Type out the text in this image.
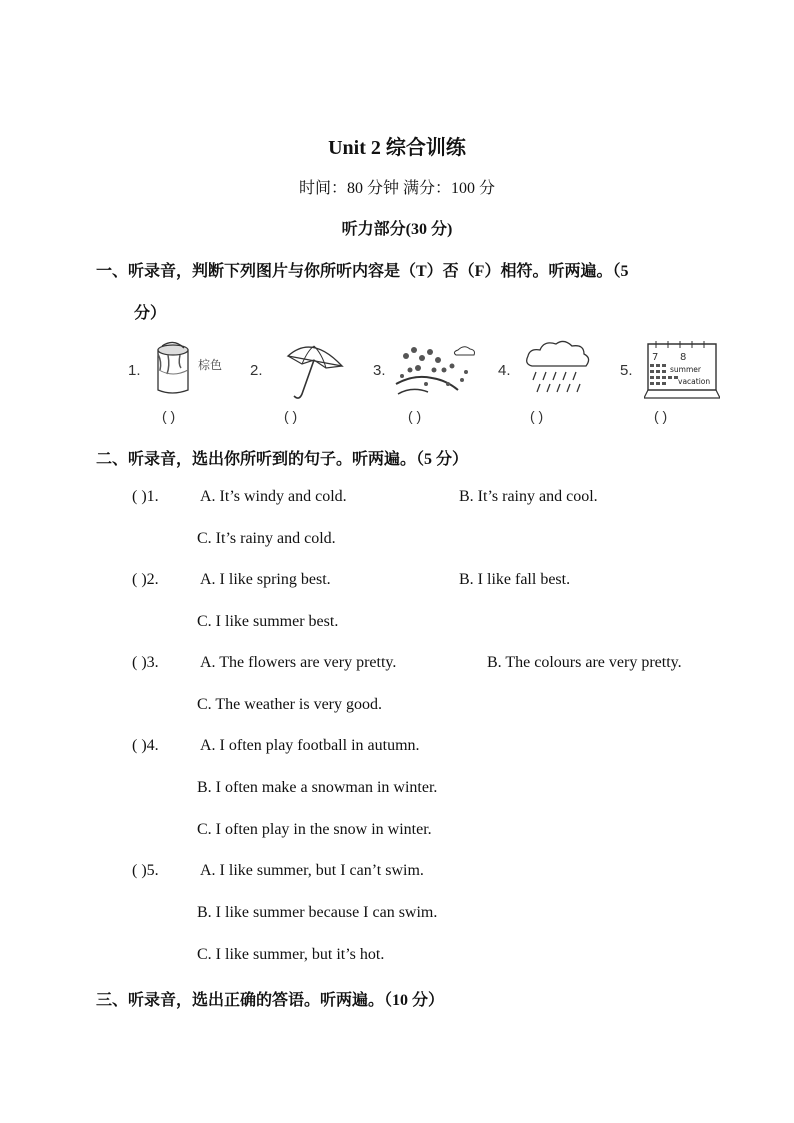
Unit 2 综合训练
时间：80 分钟 满分：100 分
听力部分(30 分)
一、听录音，判断下列图片与你所听内容是（T）否（F）相符。听两遍。（5
分）
1.	棕色
( )
2.
( )
3.
( )
4.
( )
5.
7 8
summer
vacation
( )
二、听录音，选出你所听到的句子。听两遍。（5 分）
( )1.	A. It’s windy and cold.	B. It’s rainy and cool.
C. It’s rainy and cold.
( )2.	A. I like spring best.	B. I like fall best.
C. I like summer best.
( )3.	A. The flowers are very pretty.	B. The colours are very pretty.
C. The weather is very good.
( )4.	A. I often play football in autumn.
B. I often make a snowman in winter.
C. I often play in the snow in winter.
( )5.	A. I like summer, but I can’t swim.
B. I like summer because I can swim.
C. I like summer, but it’s hot.
三、听录音，选出正确的答语。听两遍。（10 分）
